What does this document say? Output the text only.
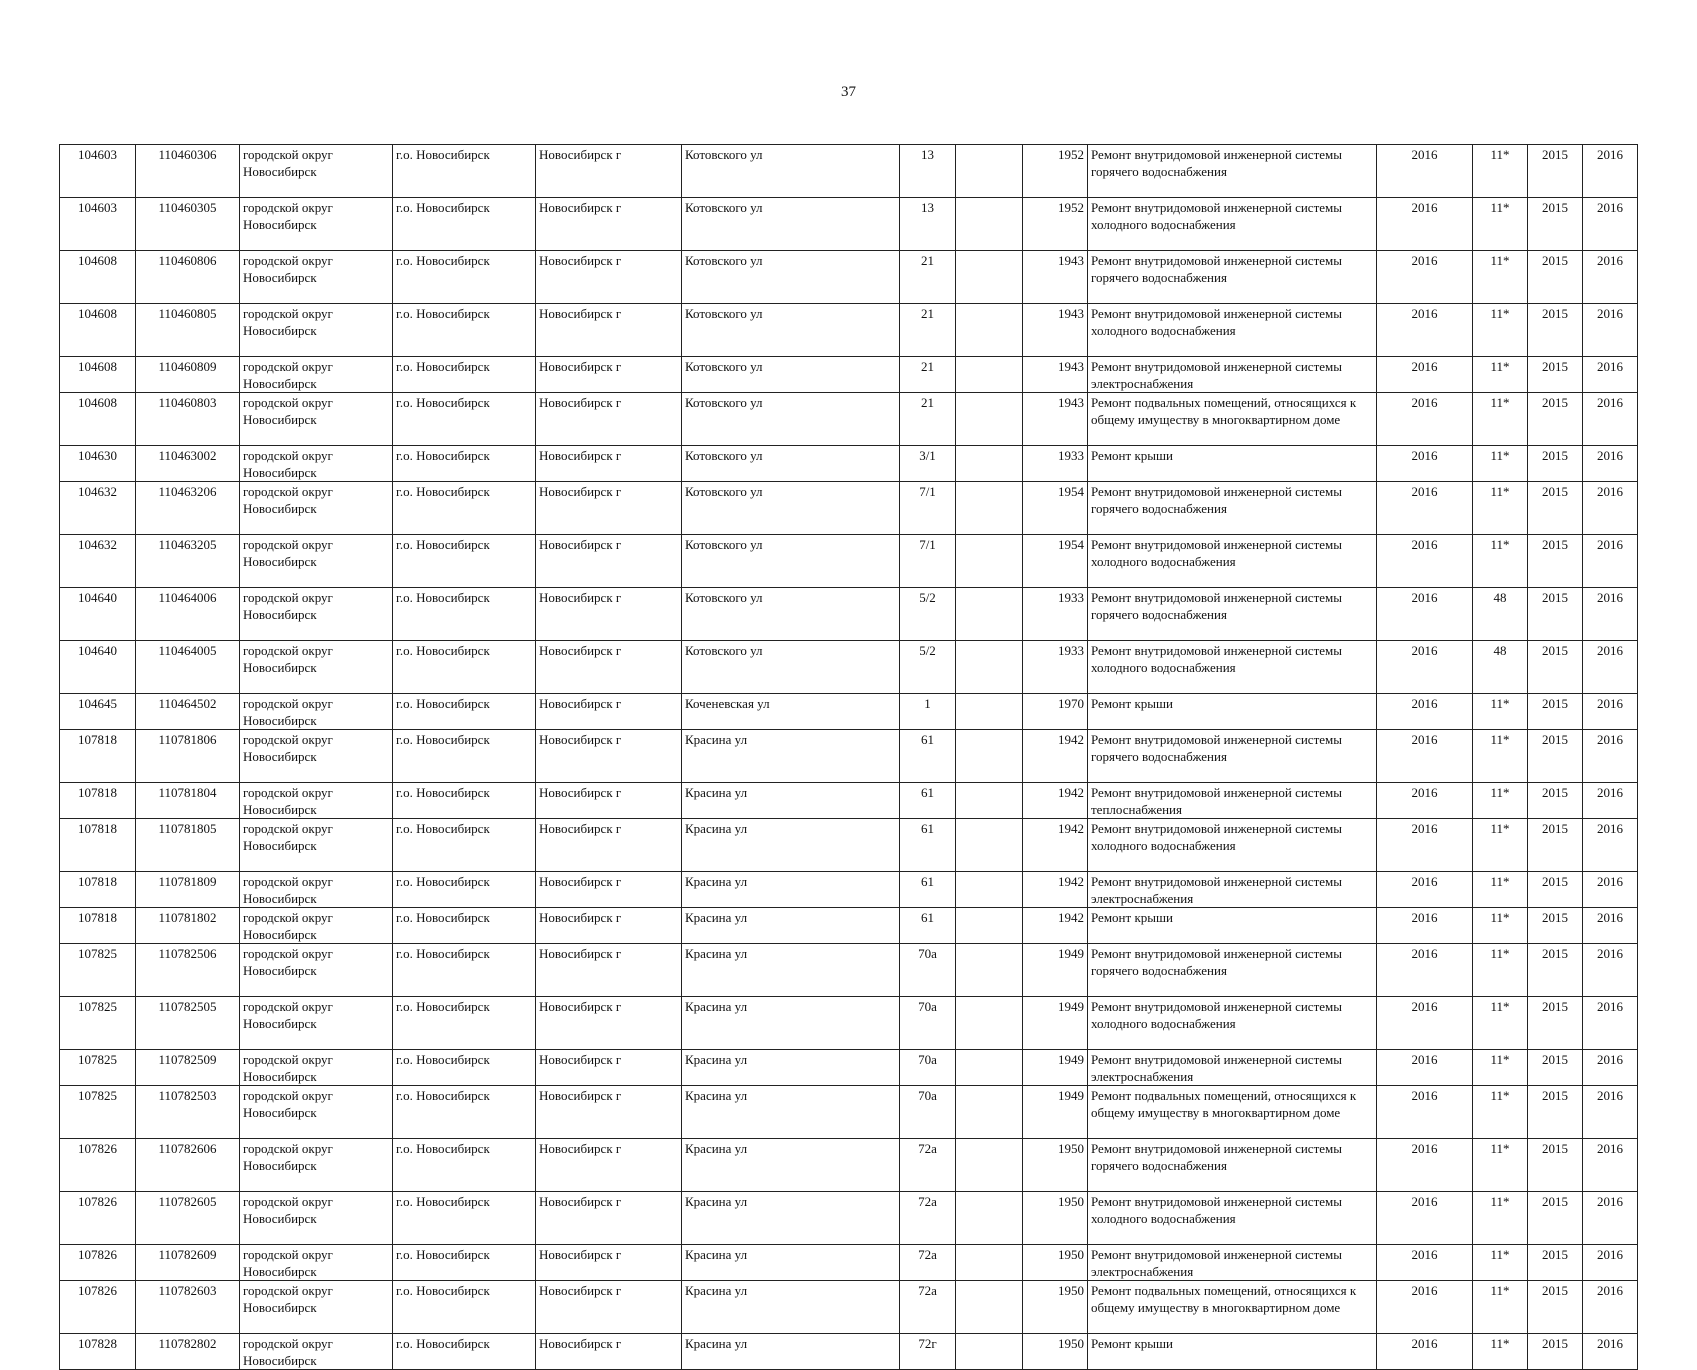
37
104603	110460306	городской округ Новосибирск	г.о. Новосибирск	Новосибирск г	Котовского ул	13		1952	Ремонт внутридомовой инженерной системы горячего водоснабжения	2016	11*	2015	2016
104603	110460305	городской округ Новосибирск	г.о. Новосибирск	Новосибирск г	Котовского ул	13		1952	Ремонт внутридомовой инженерной системы холодного водоснабжения	2016	11*	2015	2016
104608	110460806	городской округ Новосибирск	г.о. Новосибирск	Новосибирск г	Котовского ул	21		1943	Ремонт внутридомовой инженерной системы горячего водоснабжения	2016	11*	2015	2016
104608	110460805	городской округ Новосибирск	г.о. Новосибирск	Новосибирск г	Котовского ул	21		1943	Ремонт внутридомовой инженерной системы холодного водоснабжения	2016	11*	2015	2016
104608	110460809	городской округ Новосибирск	г.о. Новосибирск	Новосибирск г	Котовского ул	21		1943	Ремонт внутридомовой инженерной системы электроснабжения	2016	11*	2015	2016
104608	110460803	городской округ Новосибирск	г.о. Новосибирск	Новосибирск г	Котовского ул	21		1943	Ремонт подвальных помещений, относящихся к общему имуществу в многоквартирном доме	2016	11*	2015	2016
104630	110463002	городской округ Новосибирск	г.о. Новосибирск	Новосибирск г	Котовского ул	3/1		1933	Ремонт крыши	2016	11*	2015	2016
104632	110463206	городской округ Новосибирск	г.о. Новосибирск	Новосибирск г	Котовского ул	7/1		1954	Ремонт внутридомовой инженерной системы горячего водоснабжения	2016	11*	2015	2016
104632	110463205	городской округ Новосибирск	г.о. Новосибирск	Новосибирск г	Котовского ул	7/1		1954	Ремонт внутридомовой инженерной системы холодного водоснабжения	2016	11*	2015	2016
104640	110464006	городской округ Новосибирск	г.о. Новосибирск	Новосибирск г	Котовского ул	5/2		1933	Ремонт внутридомовой инженерной системы горячего водоснабжения	2016	48	2015	2016
104640	110464005	городской округ Новосибирск	г.о. Новосибирск	Новосибирск г	Котовского ул	5/2		1933	Ремонт внутридомовой инженерной системы холодного водоснабжения	2016	48	2015	2016
104645	110464502	городской округ Новосибирск	г.о. Новосибирск	Новосибирск г	Коченевская ул	1		1970	Ремонт крыши	2016	11*	2015	2016
107818	110781806	городской округ Новосибирск	г.о. Новосибирск	Новосибирск г	Красина ул	61		1942	Ремонт внутридомовой инженерной системы горячего водоснабжения	2016	11*	2015	2016
107818	110781804	городской округ Новосибирск	г.о. Новосибирск	Новосибирск г	Красина ул	61		1942	Ремонт внутридомовой инженерной системы теплоснабжения	2016	11*	2015	2016
107818	110781805	городской округ Новосибирск	г.о. Новосибирск	Новосибирск г	Красина ул	61		1942	Ремонт внутридомовой инженерной системы холодного водоснабжения	2016	11*	2015	2016
107818	110781809	городской округ Новосибирск	г.о. Новосибирск	Новосибирск г	Красина ул	61		1942	Ремонт внутридомовой инженерной системы электроснабжения	2016	11*	2015	2016
107818	110781802	городской округ Новосибирск	г.о. Новосибирск	Новосибирск г	Красина ул	61		1942	Ремонт крыши	2016	11*	2015	2016
107825	110782506	городской округ Новосибирск	г.о. Новосибирск	Новосибирск г	Красина ул	70а		1949	Ремонт внутридомовой инженерной системы горячего водоснабжения	2016	11*	2015	2016
107825	110782505	городской округ Новосибирск	г.о. Новосибирск	Новосибирск г	Красина ул	70а		1949	Ремонт внутридомовой инженерной системы холодного водоснабжения	2016	11*	2015	2016
107825	110782509	городской округ Новосибирск	г.о. Новосибирск	Новосибирск г	Красина ул	70а		1949	Ремонт внутридомовой инженерной системы электроснабжения	2016	11*	2015	2016
107825	110782503	городской округ Новосибирск	г.о. Новосибирск	Новосибирск г	Красина ул	70а		1949	Ремонт подвальных помещений, относящихся к общему имуществу в многоквартирном доме	2016	11*	2015	2016
107826	110782606	городской округ Новосибирск	г.о. Новосибирск	Новосибирск г	Красина ул	72а		1950	Ремонт внутридомовой инженерной системы горячего водоснабжения	2016	11*	2015	2016
107826	110782605	городской округ Новосибирск	г.о. Новосибирск	Новосибирск г	Красина ул	72а		1950	Ремонт внутридомовой инженерной системы холодного водоснабжения	2016	11*	2015	2016
107826	110782609	городской округ Новосибирск	г.о. Новосибирск	Новосибирск г	Красина ул	72а		1950	Ремонт внутридомовой инженерной системы электроснабжения	2016	11*	2015	2016
107826	110782603	городской округ Новосибирск	г.о. Новосибирск	Новосибирск г	Красина ул	72а		1950	Ремонт подвальных помещений, относящихся к общему имуществу в многоквартирном доме	2016	11*	2015	2016
107828	110782802	городской округ Новосибирск	г.о. Новосибирск	Новосибирск г	Красина ул	72г		1950	Ремонт крыши	2016	11*	2015	2016
